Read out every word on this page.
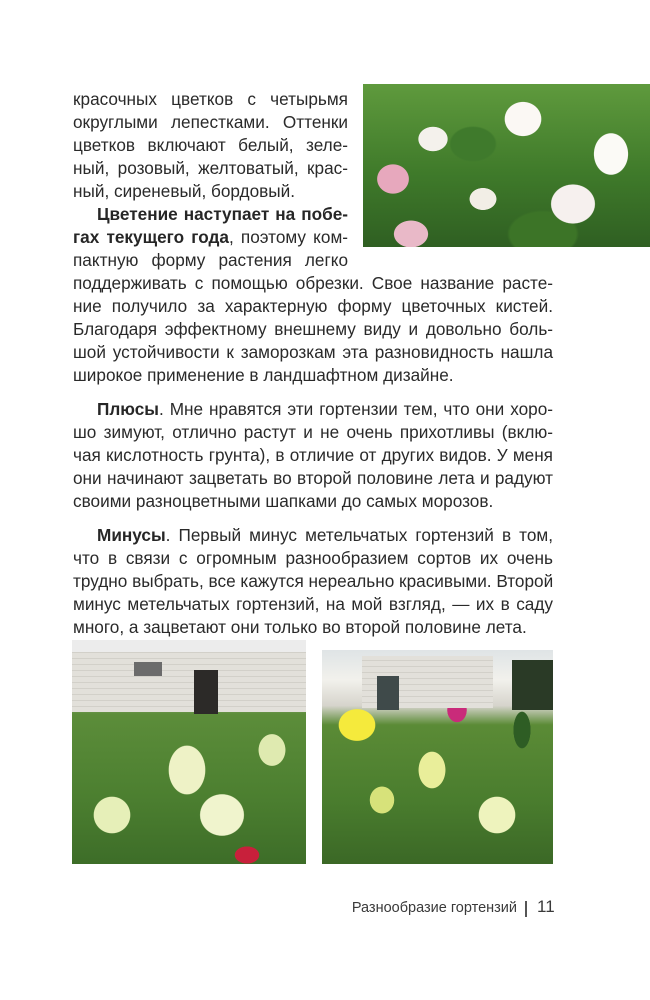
красочных цветков с четырьмя
округлыми лепестками. Оттенки
цветков включают белый, зеле-
ный, розовый, желтоватый, крас-
ный, сиреневый, бордовый.
Цветение наступает на побе-
гах текущего года, поэтому ком-
пактную форму растения легко
поддерживать с помощью обрезки. Свое название расте-
ние получило за характерную форму цветочных кистей.
Благодаря эффектному внешнему виду и довольно боль-
шой устойчивости к заморозкам эта разновидность нашла
широкое применение в ландшафтном дизайне.
Плюсы. Мне нравятся эти гортензии тем, что они хоро-
шо зимуют, отлично растут и не очень прихотливы (вклю-
чая кислотность грунта), в отличие от других видов. У меня
они начинают зацветать во второй половине лета и радуют
своими разноцветными шапками до самых морозов.
Минусы. Первый минус метельчатых гортензий в том,
что в связи с огромным разнообразием сортов их очень
трудно выбрать, все кажутся нереально красивыми. Второй
минус метельчатых гортензий, на мой взгляд, — их в саду
много, а зацветают они только во второй половине лета.
Разнообразие гортензий 11
